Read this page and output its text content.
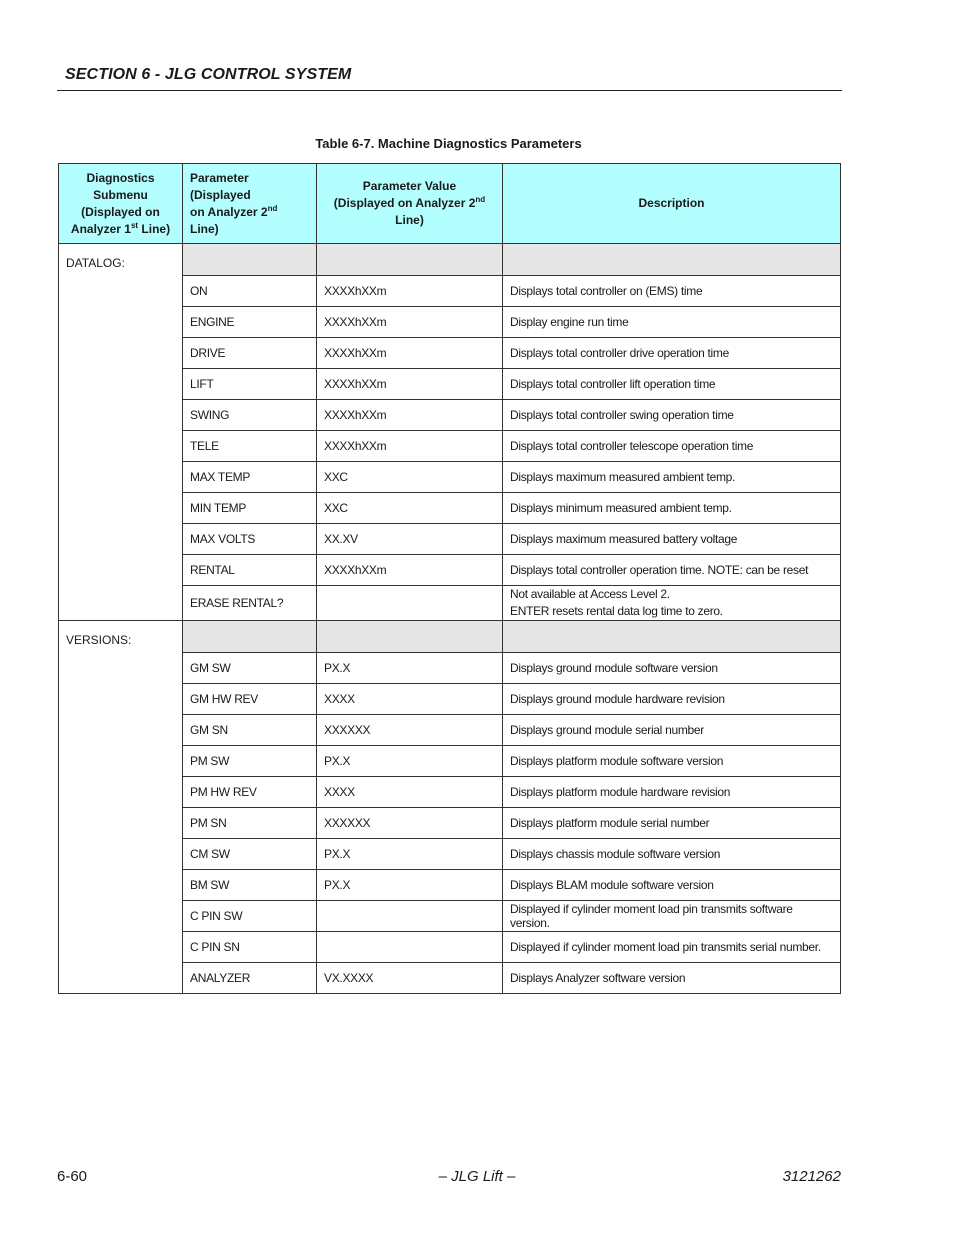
SECTION 6 - JLG CONTROL SYSTEM
Table 6-7. Machine Diagnostics Parameters
Diagnostics
Submenu
(Displayed on
Analyzer 1st Line)	Parameter (Displayed
on Analyzer 2nd Line)	Parameter Value
(Displayed on Analyzer 2nd
Line)	Description
DATALOG:			
	ON	XXXXhXXm	Displays total controller on (EMS) time
	ENGINE	XXXXhXXm	Display engine run time
	DRIVE	XXXXhXXm	Displays total controller drive operation time
	LIFT	XXXXhXXm	Displays total controller lift operation time
	SWING	XXXXhXXm	Displays total controller swing operation time
	TELE	XXXXhXXm	Displays total controller telescope operation time
	MAX TEMP	XXC	Displays maximum measured ambient temp.
	MIN TEMP	XXC	Displays minimum measured ambient temp.
	MAX VOLTS	XX.XV	Displays maximum measured battery voltage
	RENTAL	XXXXhXXm	Displays total controller operation time. NOTE: can be reset
	ERASE RENTAL?		Not available at Access Level 2.
ENTER resets rental data log time to zero.
VERSIONS:			
	GM SW	PX.X	Displays ground module software version
	GM HW REV	XXXX	Displays ground module hardware revision
	GM SN	XXXXXX	Displays ground module serial number
	PM SW	PX.X	Displays platform module software version
	PM HW REV	XXXX	Displays platform module hardware revision
	PM SN	XXXXXX	Displays platform module serial number
	CM SW	PX.X	Displays chassis module software version
	BM SW	PX.X	Displays BLAM module software version
	C PIN SW		Displayed if cylinder moment load pin transmits software version.
	C PIN SN		Displayed if cylinder moment load pin transmits serial number.
	ANALYZER	VX.XXXX	Displays Analyzer software version
6-60	– JLG Lift –	3121262
